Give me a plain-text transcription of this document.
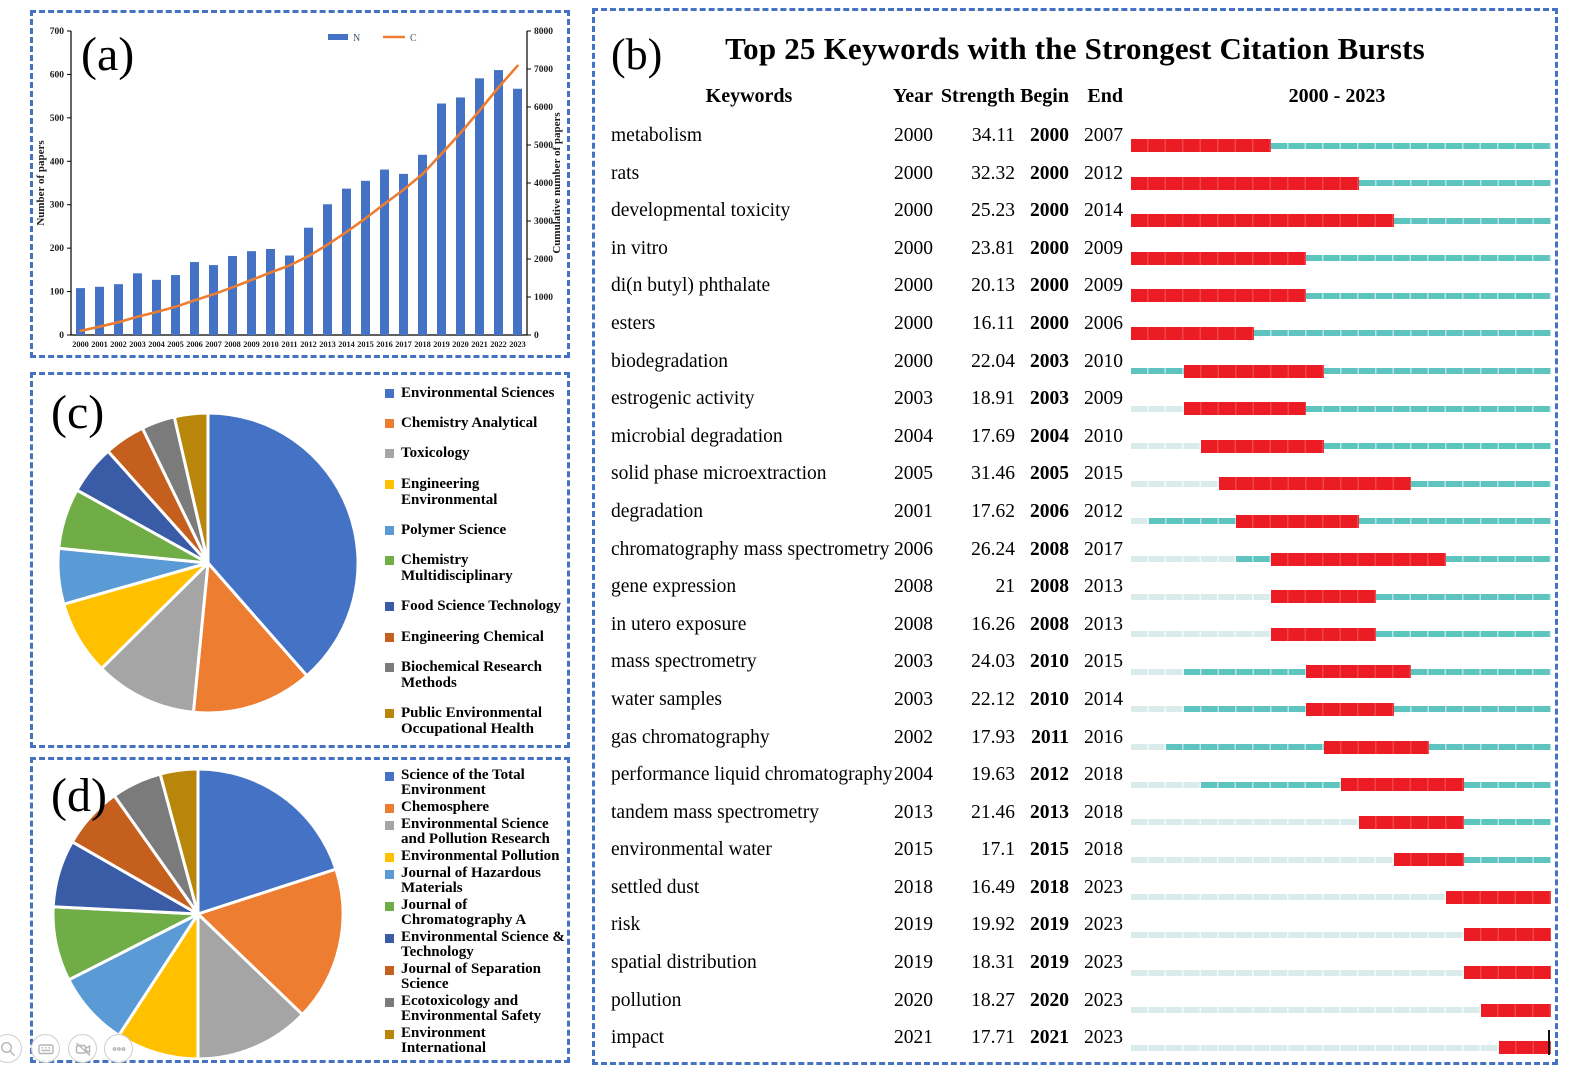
0
100
200
300
400
500
600
700
0
1000
2000
3000
4000
5000
6000
7000
8000
Number of papers	Cumulative number of papers
2000 2001 2002 2003 2004 2005 2006 2007 2008 2009 2010 2011 2012 2013 2014 2015 2016 2017 2018 2019 2020 2021 2022 2023
N	C
(a)	(b)	Top 25 Keywords with the Strongest Citation Bursts
Keywords	Year Strength Begin End	2000 - 2023
metabolism	2000	34.11 2000 2007
rats	2000	32.32 2000 2012
developmental toxicity	2000	25.23 2000 2014
in vitro	2000	23.81 2000 2009
di(n butyl) phthalate	2000	20.13 2000 2009
esters	2000	16.11 2000 2006
biodegradation	2000	22.04 2003 2010
estrogenic activity	2003	18.91 2003 2009
microbial degradation	2004	17.69 2004 2010
solid phase microextraction	2005	31.46 2005 2015
degradation	2001	17.62 2006 2012
chromatography mass spectrometry 2006	26.24 2008 2017
gene expression	2008	21 2008 2013
in utero exposure	2008	16.26 2008 2013
mass spectrometry	2003	24.03 2010 2015
water samples	2003	22.12 2010 2014
gas chromatography	2002	17.93 2011 2016
performance liquid chromatography 2004	19.63 2012 2018
tandem mass spectrometry	2013	21.46 2013 2018
environmental water	2015	17.1 2015 2018
settled dust	2018	16.49 2018 2023
risk	2019	19.92 2019 2023
spatial distribution	2019	18.31 2019 2023
pollution	2020	18.27 2020 2023
impact	2021	17.71 2021 2023
Environmental Sciences
Chemistry Analytical
Toxicology
Engineering Environmental
Polymer Science
Chemistry Multidisciplinary
Food Science Technology
Engineering Chemical
Biochemical Research Methods
Public Environmental Occupational Health
(c)
Science of the Total Environment
Chemosphere
Environmental Science and Pollution Research
Environmental Pollution
Journal of Hazardous Materials
Journal of Chromatography A
Environmental Science & Technology
Journal of Separation Science
Ecotoxicology and Environmental Safety
Environment International
(d)
